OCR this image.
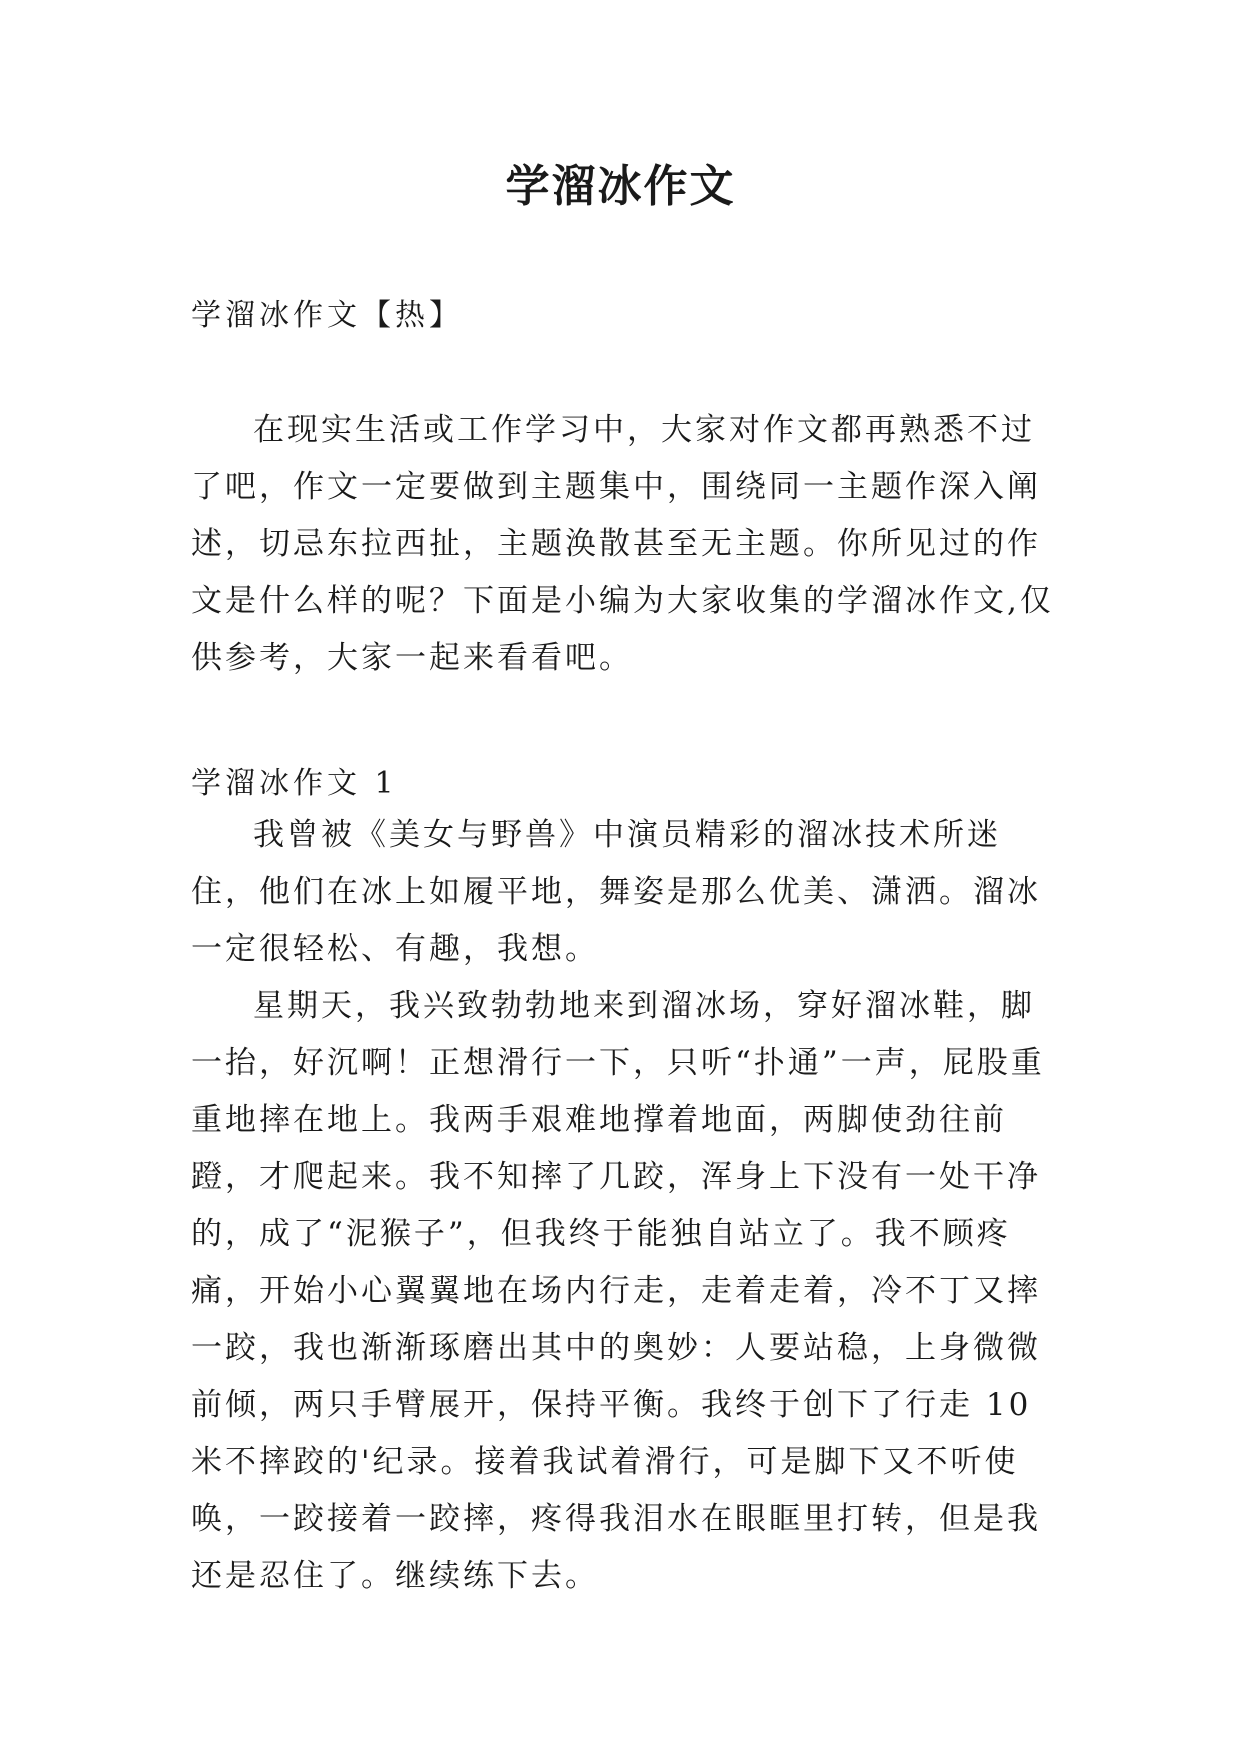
学溜冰作文
学溜冰作文【热】

在现实生活或工作学习中，大家对作文都再熟悉不过了吧，作文一定要做到主题集中，围绕同一主题作深入阐述，切忌东拉西扯，主题涣散甚至无主题。你所见过的作文是什么样的呢？下面是小编为大家收集的学溜冰作文,仅供参考，大家一起来看看吧。

学溜冰作文 1

我曾被《美女与野兽》中演员精彩的溜冰技术所迷住，他们在冰上如履平地，舞姿是那么优美、潇洒。溜冰一定很轻松、有趣，我想。

星期天，我兴致勃勃地来到溜冰场，穿好溜冰鞋，脚一抬，好沉啊！正想滑行一下，只听“扑通”一声，屁股重重地摔在地上。我两手艰难地撑着地面，两脚使劲往前蹬，才爬起来。我不知摔了几跤，浑身上下没有一处干净的，成了“泥猴子”，但我终于能独自站立了。我不顾疼痛，开始小心翼翼地在场内行走，走着走着，冷不丁又摔一跤，我也渐渐琢磨出其中的奥妙：人要站稳，上身微微前倾，两只手臂展开，保持平衡。我终于创下了行走 10 米不摔跤的'纪录。接着我试着滑行，可是脚下又不听使唤，一跤接着一跤摔，疼得我泪水在眼眶里打转，但是我还是忍住了。继续练下去。
